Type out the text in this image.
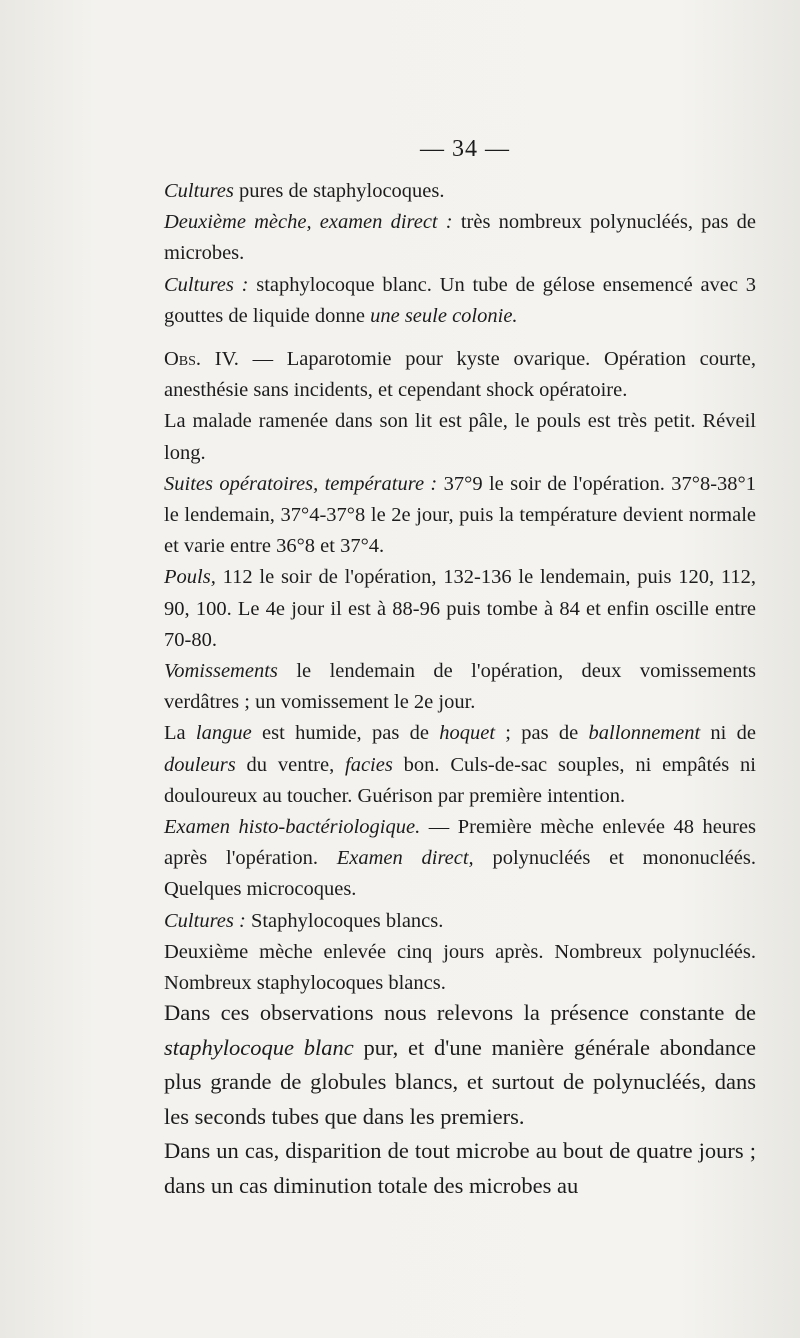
— 34 —

Cultures pures de staphylocoques.

Deuxième mèche, examen direct : très nombreux polynucléés, pas de microbes.

Cultures : staphylocoque blanc. Un tube de gélose ensemencé avec 3 gouttes de liquide donne une seule colonie.

Obs. IV. — Laparotomie pour kyste ovarique. Opération courte, anesthésie sans incidents, et cependant shock opératoire.

La malade ramenée dans son lit est pâle, le pouls est très petit. Réveil long.

Suites opératoires, température : 37°9 le soir de l'opération. 37°8-38°1 le lendemain, 37°4-37°8 le 2e jour, puis la température devient normale et varie entre 36°8 et 37°4.

Pouls, 112 le soir de l'opération, 132-136 le lendemain, puis 120, 112, 90, 100. Le 4e jour il est à 88-96 puis tombe à 84 et enfin oscille entre 70-80.

Vomissements le lendemain de l'opération, deux vomissements verdâtres ; un vomissement le 2e jour.

La langue est humide, pas de hoquet ; pas de ballonnement ni de douleurs du ventre, facies bon. Culs-de-sac souples, ni empâtés ni douloureux au toucher. Guérison par première intention.

Examen histo-bactériologique. — Première mèche enlevée 48 heures après l'opération. Examen direct, polynucléés et mononucléés. Quelques microcoques.

Cultures : Staphylocoques blancs.

Deuxième mèche enlevée cinq jours après. Nombreux polynucléés. Nombreux staphylocoques blancs.

Dans ces observations nous relevons la présence constante de staphylocoque blanc pur, et d'une manière générale abondance plus grande de globules blancs, et surtout de polynucléés, dans les seconds tubes que dans les premiers.

Dans un cas, disparition de tout microbe au bout de quatre jours ; dans un cas diminution totale des microbes au
